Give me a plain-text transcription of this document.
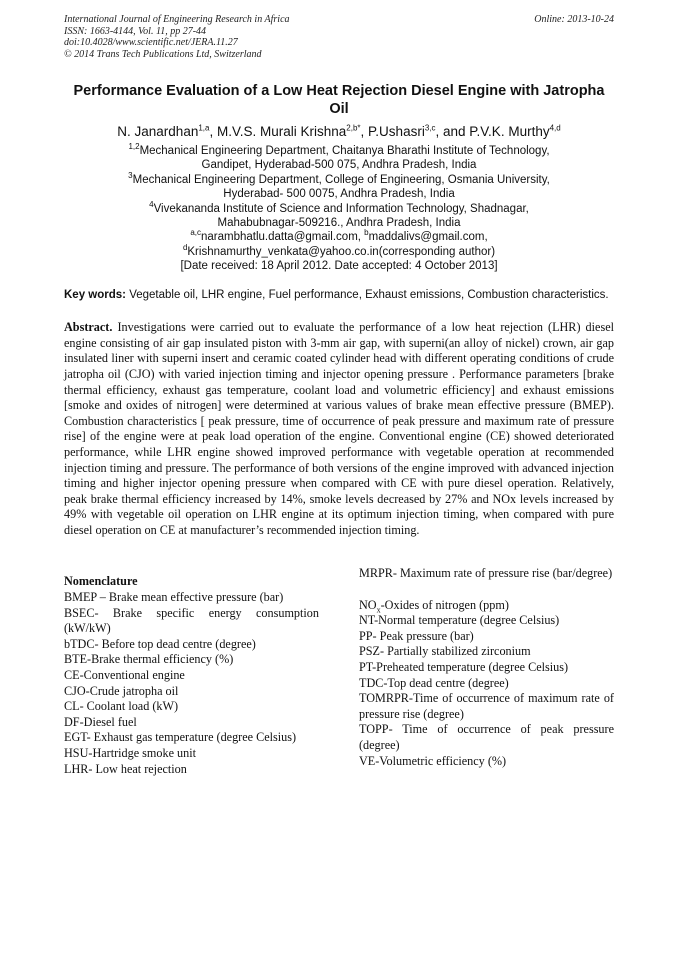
International Journal of Engineering Research in Africa
ISSN: 1663-4144, Vol. 11, pp 27-44
doi:10.4028/www.scientific.net/JERA.11.27
© 2014 Trans Tech Publications Ltd, Switzerland
Online: 2013-10-24
Performance Evaluation of a Low Heat Rejection Diesel Engine with Jatropha Oil
N. Janardhan$^{1,a}$, M.V.S. Murali Krishna$^{2,b*}$, P.Ushasri$^{3,c}$, and P.V.K. Murthy$^{4,d}$
$^{1,2}$Mechanical Engineering Department, Chaitanya Bharathi Institute of Technology,
Gandipet, Hyderabad-500 075, Andhra Pradesh, India
$^3$Mechanical Engineering Department, College of Engineering, Osmania University,
Hyderabad- 500 0075, Andhra Pradesh, India
$^4$Vivekananda Institute of Science and Information Technology, Shadnagar,
Mahabubnagar-509216., Andhra Pradesh, India
$^{a,c}$narambhatlu.datta@gmail.com, $^b$maddalivs@gmail.com,
$^d$Krishnamurthy_venkata@yahoo.co.in(corresponding author)
[Date received: 18 April 2012. Date accepted: 4 October 2013]
Key words: Vegetable oil, LHR engine, Fuel performance, Exhaust emissions, Combustion characteristics.
Abstract. Investigations were carried out to evaluate the performance of a low heat rejection (LHR) diesel engine consisting of air gap insulated piston with 3-mm air gap, with superni(an alloy of nickel) crown, air gap insulated liner with superni insert and ceramic coated cylinder head with different operating conditions of crude jatropha oil (CJO) with varied injection timing and injector opening pressure . Performance parameters [brake thermal efficiency, exhaust gas temperature, coolant load and volumetric efficiency] and exhaust emissions [smoke and oxides of nitrogen] were determined at various values of brake mean effective pressure (BMEP). Combustion characteristics [ peak pressure, time of occurrence of peak pressure and maximum rate of pressure rise] of the engine were at peak load operation of the engine. Conventional engine (CE) showed deteriorated performance, while LHR engine showed improved performance with vegetable operation at recommended injection timing and pressure. The performance of both versions of the engine improved with advanced injection timing and higher injector opening pressure when compared with CE with pure diesel operation. Relatively, peak brake thermal efficiency increased by 14%, smoke levels decreased by 27% and NOx levels increased by 49% with vegetable oil operation on LHR engine at its optimum injection timing, when compared with pure diesel operation on CE at manufacturer’s recommended injection timing.
Nomenclature
BMEP – Brake mean effective pressure (bar)
BSEC- Brake specific energy consumption (kW/kW)
bTDC- Before top dead centre (degree)
BTE-Brake thermal efficiency (%)
CE-Conventional engine
CJO-Crude jatropha oil
CL- Coolant load (kW)
DF-Diesel fuel
EGT- Exhaust gas temperature (degree Celsius)
HSU-Hartridge smoke unit
LHR- Low heat rejection
MRPR- Maximum rate of pressure rise (bar/degree)
$NO_x$-Oxides of nitrogen (ppm)
NT-Normal temperature (degree Celsius)
PP- Peak pressure (bar)
PSZ- Partially stabilized zirconium
PT-Preheated temperature (degree Celsius)
TDC-Top dead centre (degree)
TOMRPR-Time of occurrence of maximum rate of pressure rise (degree)
TOPP- Time of occurrence of peak pressure (degree)
VE-Volumetric efficiency (%)
